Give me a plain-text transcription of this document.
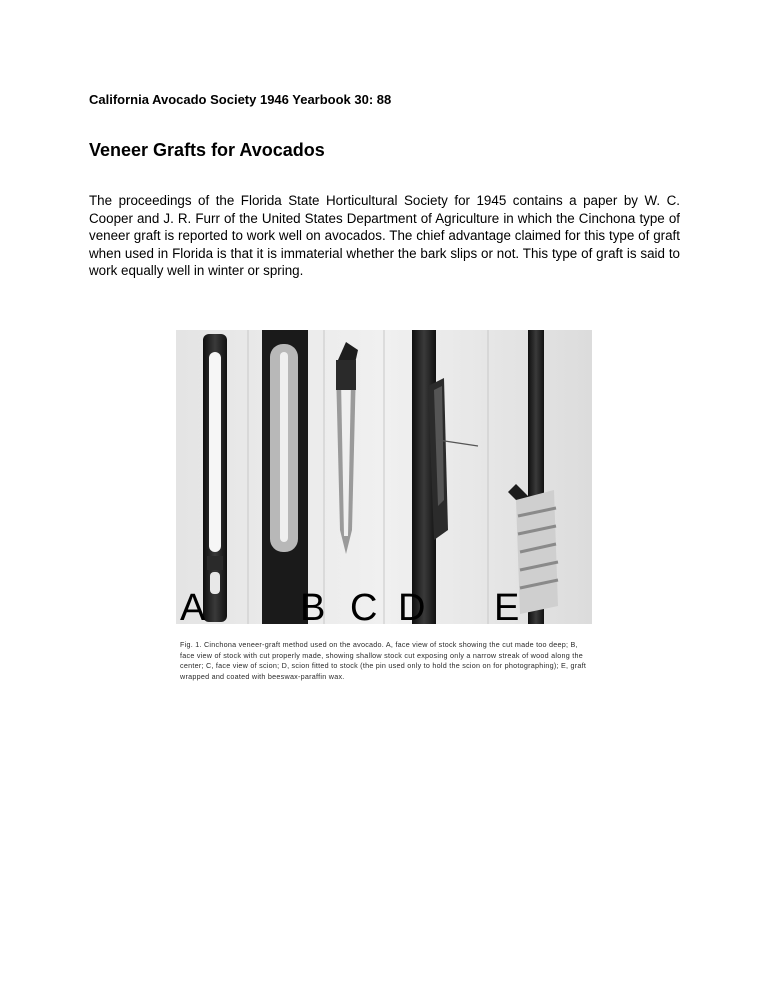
California Avocado Society 1946 Yearbook 30: 88

Veneer Grafts for Avocados

The proceedings of the Florida State Horticultural Society for 1945 contains a paper by W. C. Cooper and J. R. Furr of the United States Department of Agriculture in which the Cinchona type of veneer graft is reported to work well on avocados. The chief advantage claimed for this type of graft when used in Florida is that it is immaterial whether the bark slips or not. This type of graft is said to work equally well in winter or spring.

A B C D E

Fig. 1. Cinchona veneer-graft method used on the avocado. A, face view of stock showing the cut made too deep; B, face view of stock with cut properly made, showing shallow stock cut exposing only a narrow streak of wood along the center; C, face view of scion; D, scion fitted to stock (the pin used only to hold the scion on for photographing); E, graft wrapped and coated with beeswax-paraffin wax.
